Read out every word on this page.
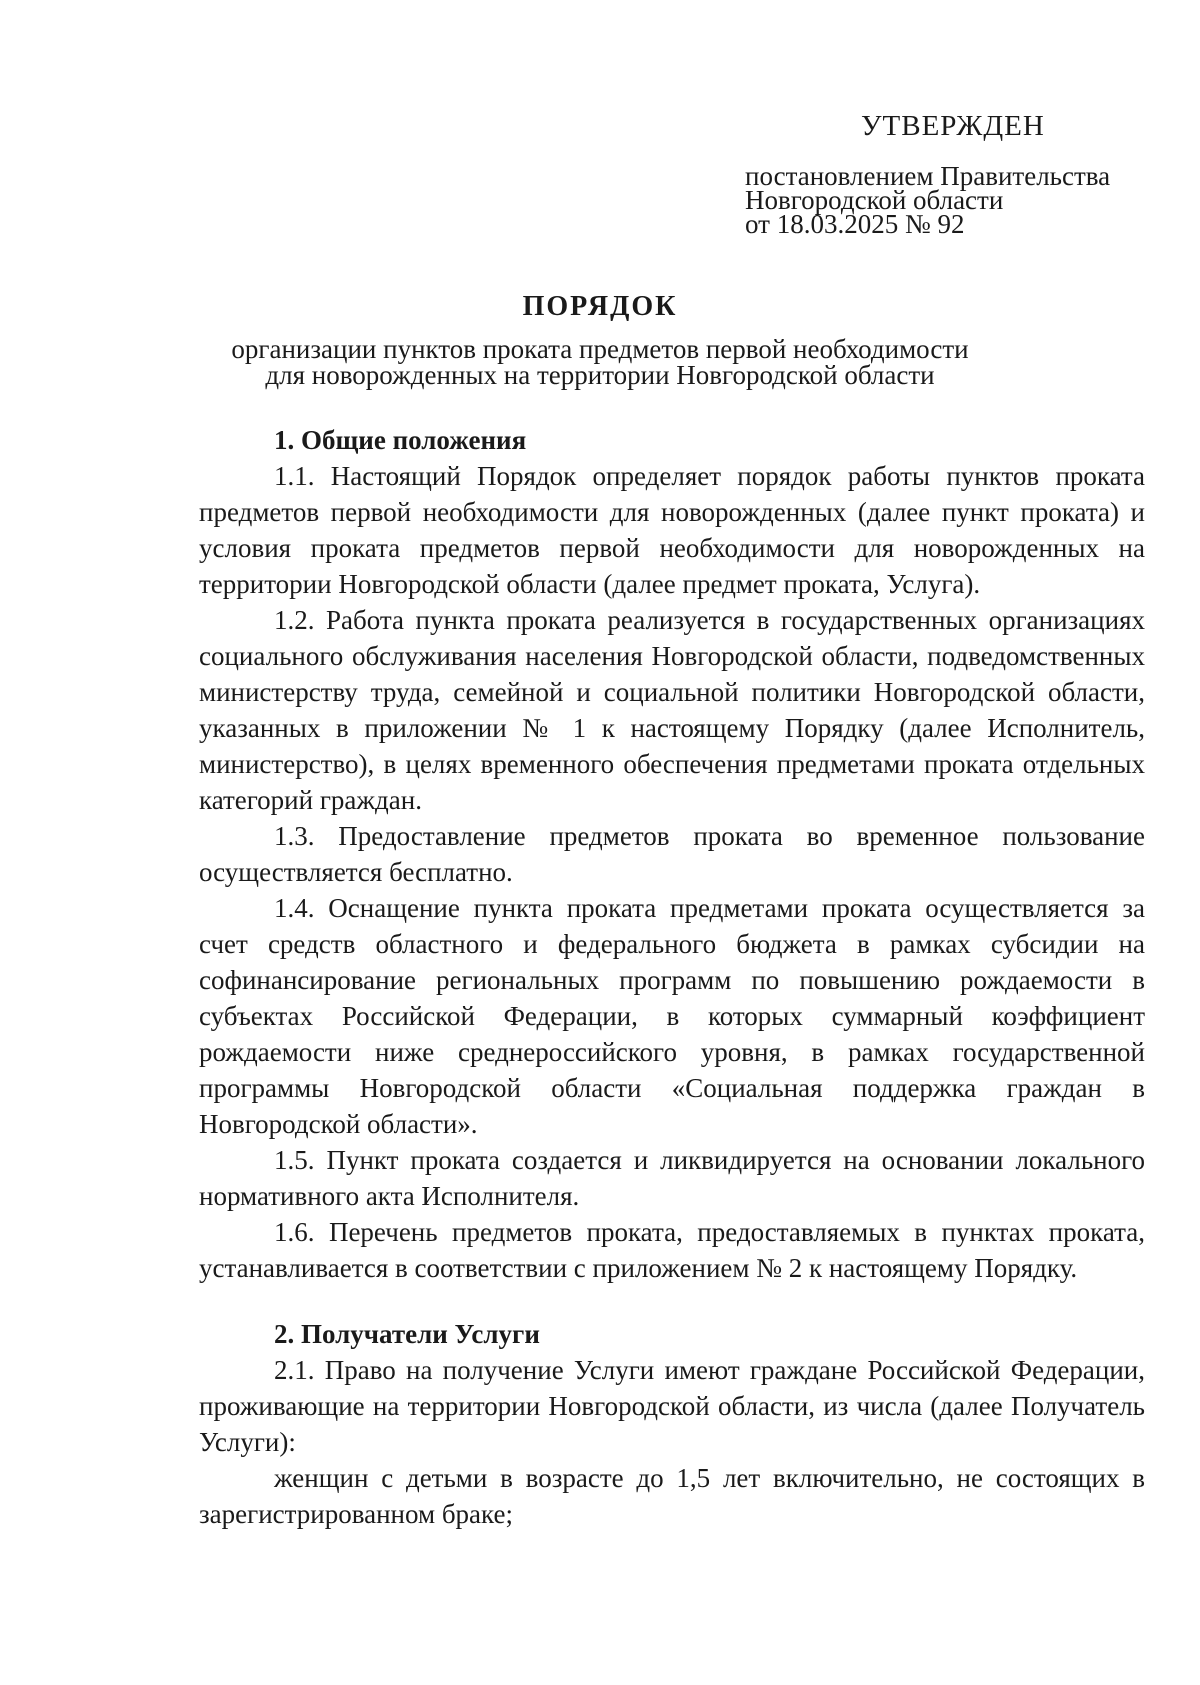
УТВЕРЖДЕН
постановлением Правительства
Новгородской области
от 18.03.2025 № 92
ПОРЯДОК
организации пунктов проката предметов первой необходимости
для новорожденных на территории Новгородской области

1. Общие положения

1.1. Настоящий Порядок определяет порядок работы пунктов проката предметов первой необходимости для новорожденных (далее пункт проката) и условия проката предметов первой необходимости для новорожденных на территории Новгородской области (далее предмет проката, Услуга).

1.2. Работа пункта проката реализуется в государственных организациях социального обслуживания населения Новгородской области, подведомственных министерству труда, семейной и социальной политики Новгородской области, указанных в приложении № 1 к настоящему Порядку (далее Исполнитель, министерство), в целях временного обеспечения предметами проката отдельных категорий граждан.

1.3. Предоставление предметов проката во временное пользование осуществляется бесплатно.

1.4. Оснащение пункта проката предметами проката осуществляется за счет средств областного и федерального бюджета в рамках субсидии на софинансирование региональных программ по повышению рождаемости в субъектах Российской Федерации, в которых суммарный коэффициент рождаемости ниже среднероссийского уровня, в рамках государственной программы Новгородской области «Социальная поддержка граждан в Новгородской области».

1.5. Пункт проката создается и ликвидируется на основании локального нормативного акта Исполнителя.

1.6. Перечень предметов проката, предоставляемых в пунктах проката, устанавливается в соответствии с приложением № 2 к настоящему Порядку.

2. Получатели Услуги

2.1. Право на получение Услуги имеют граждане Российской Федерации, проживающие на территории Новгородской области, из числа (далее Получатель Услуги):

женщин с детьми в возрасте до 1,5 лет включительно, не состоящих в зарегистрированном браке;
